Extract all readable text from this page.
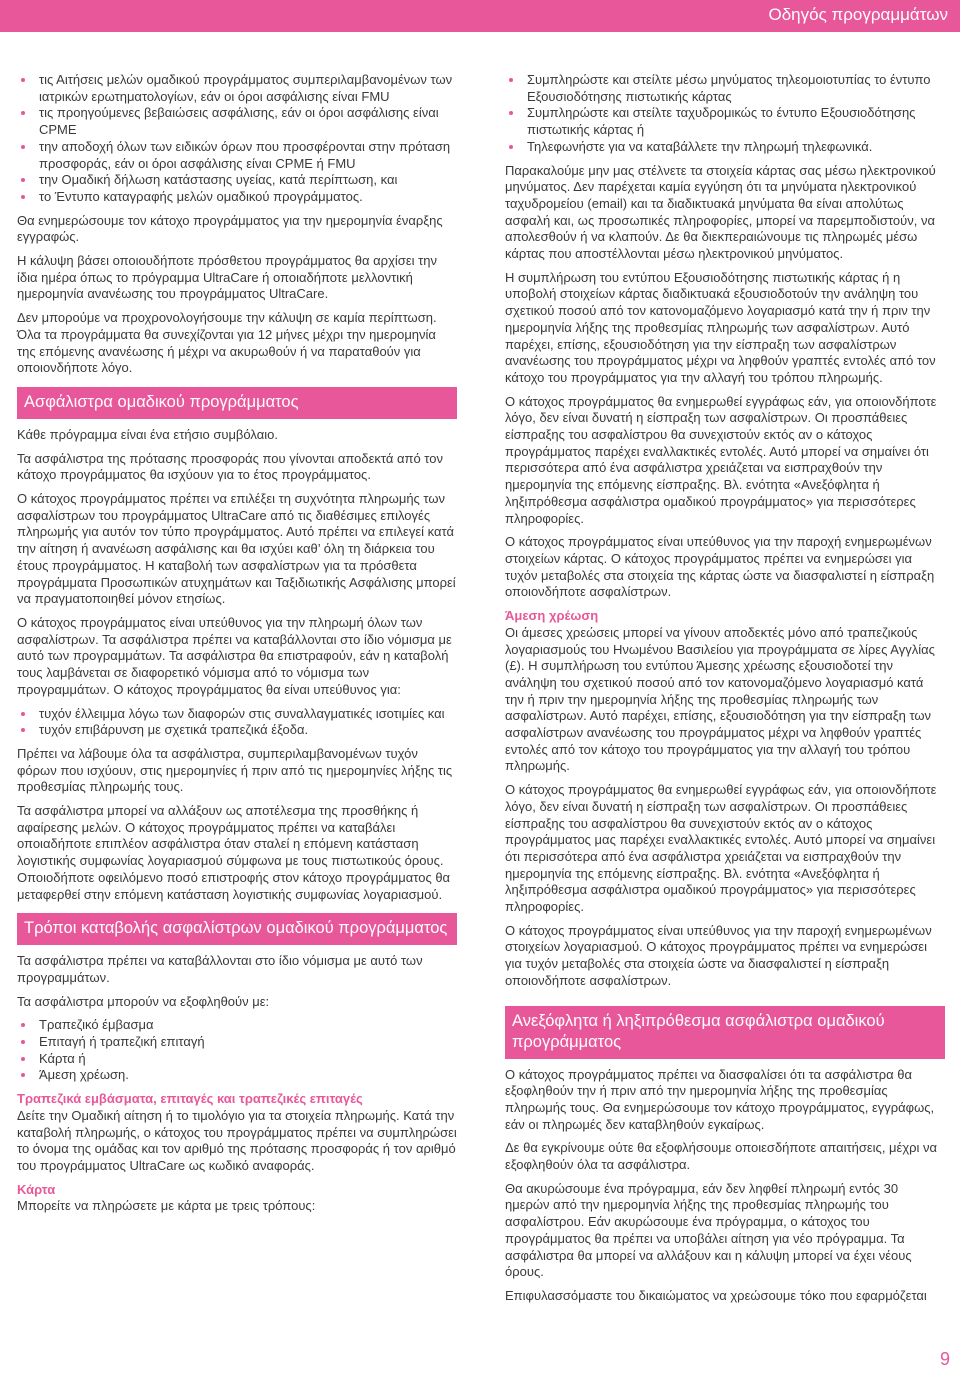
Οδηγός προγραμμάτων
τις Αιτήσεις μελών ομαδικού προγράμματος συμπεριλαμβανομένων των ιατρικών ερωτηματολογίων, εάν οι όροι ασφάλισης είναι FMU
τις προηγούμενες βεβαιώσεις ασφάλισης, εάν οι όροι ασφάλισης είναι CPME
την αποδοχή όλων των ειδικών όρων που προσφέρονται στην πρόταση προσφοράς, εάν οι όροι ασφάλισης είναι CPME ή FMU
την Ομαδική δήλωση κατάστασης υγείας, κατά περίπτωση, και
το Έντυπο καταγραφής μελών ομαδικού προγράμματος.

Θα ενημερώσουμε τον κάτοχο προγράμματος για την ημερομηνία έναρξης εγγραφώς.

Η κάλυψη βάσει οποιουδήποτε πρόσθετου προγράμματος θα αρχίσει την ίδια ημέρα όπως το πρόγραμμα UltraCare ή οποιαδήποτε μελλοντική ημερομηνία ανανέωσης του προγράμματος UltraCare.

Δεν μπορούμε να προχρονολογήσουμε την κάλυψη σε καμία περίπτωση.

Όλα τα προγράμματα θα συνεχίζονται για 12 μήνες μέχρι την ημερομηνία της επόμενης ανανέωσης ή μέχρι να ακυρωθούν ή να παραταθούν για οποιονδήποτε λόγο.

Ασφάλιστρα ομαδικού προγράμματος

Κάθε πρόγραμμα είναι ένα ετήσιο συμβόλαιο.

Τα ασφάλιστρα της πρότασης προσφοράς που γίνονται αποδεκτά από τον κάτοχο προγράμματος θα ισχύουν για το έτος προγράμματος.

Ο κάτοχος προγράμματος πρέπει να επιλέξει τη συχνότητα πληρωμής των ασφαλίστρων του προγράμματος UltraCare από τις διαθέσιμες επιλογές πληρωμής για αυτόν τον τύπο προγράμματος. Αυτό πρέπει να επιλεγεί κατά την αίτηση ή ανανέωση ασφάλισης και θα ισχύει καθ’ όλη τη διάρκεια του έτους προγράμματος. Η καταβολή των ασφαλίστρων για τα πρόσθετα προγράμματα Προσωπικών ατυχημάτων και Ταξιδιωτικής Ασφάλισης μπορεί να πραγματοποιηθεί μόνον ετησίως.

Ο κάτοχος προγράμματος είναι υπεύθυνος για την πληρωμή όλων των ασφαλίστρων. Τα ασφάλιστρα πρέπει να καταβάλλονται στο ίδιο νόμισμα με αυτό των προγραμμάτων. Τα ασφάλιστρα θα επιστραφούν, εάν η καταβολή τους λαμβάνεται σε διαφορετικό νόμισμα από το νόμισμα των προγραμμάτων. Ο κάτοχος προγράμματος θα είναι υπεύθυνος για:

τυχόν έλλειμμα λόγω των διαφορών στις συναλλαγματικές ισοτιμίες και
τυχόν επιβάρυνση με σχετικά τραπεζικά έξοδα.

Πρέπει να λάβουμε όλα τα ασφάλιστρα, συμπεριλαμβανομένων τυχόν φόρων που ισχύουν, στις ημερομηνίες ή πριν από τις ημερομηνίες λήξης τις προθεσμίας πληρωμής τους.

Τα ασφάλιστρα μπορεί να αλλάξουν ως αποτέλεσμα της προσθήκης ή αφαίρεσης μελών. Ο κάτοχος προγράμματος πρέπει να καταβάλει οποιαδήποτε επιπλέον ασφάλιστρα όταν σταλεί η επόμενη κατάσταση λογιστικής συμφωνίας λογαριασμού σύμφωνα με τους πιστωτικούς όρους. Οποιοδήποτε οφειλόμενο ποσό επιστροφής στον κάτοχο προγράμματος θα μεταφερθεί στην επόμενη κατάσταση λογιστικής συμφωνίας λογαριασμού.

Τρόποι καταβολής ασφαλίστρων ομαδικού προγράμματος

Τα ασφάλιστρα πρέπει να καταβάλλονται στο ίδιο νόμισμα με αυτό των προγραμμάτων.

Τα ασφάλιστρα μπορούν να εξοφληθούν με:

Τραπεζικό έμβασμα
Επιταγή ή τραπεζική επιταγή
Κάρτα ή
Άμεση χρέωση.
Τραπεζικά εμβάσματα, επιταγές και τραπεζικές επιταγές

Δείτε την Ομαδική αίτηση ή το τιμολόγιο για τα στοιχεία πληρωμής. Κατά την καταβολή πληρωμής, ο κάτοχος του προγράμματος πρέπει να συμπληρώσει το όνομα της ομάδας και τον αριθμό της πρότασης προσφοράς ή τον αριθμό του προγράμματος UltraCare ως κωδικό αναφοράς.

Κάρτα

Μπορείτε να πληρώσετε με κάρτα με τρεις τρόπους:

Συμπληρώστε και στείλτε μέσω μηνύματος τηλεομοιοτυπίας το έντυπο Εξουσιοδότησης πιστωτικής κάρτας
Συμπληρώστε και στείλτε ταχυδρομικώς το έντυπο Εξουσιοδότησης πιστωτικής κάρτας ή
Τηλεφωνήστε για να καταβάλλετε την πληρωμή τηλεφωνικά.

Παρακαλούμε μην μας στέλνετε τα στοιχεία κάρτας σας μέσω ηλεκτρονικού μηνύματος. Δεν παρέχεται καμία εγγύηση ότι τα μηνύματα ηλεκτρονικού ταχυδρομείου (email) και τα διαδικτυακά μηνύματα θα είναι απολύτως ασφαλή και, ως προσωπικές πληροφορίες, μπορεί να παρεμποδιστούν, να απολεσθούν ή να κλαπούν. Δε θα διεκπεραιώνουμε τις πληρωμές μέσω κάρτας που αποστέλλονται μέσω ηλεκτρονικού μηνύματος.

Η συμπλήρωση του εντύπου Εξουσιοδότησης πιστωτικής κάρτας ή η υποβολή στοιχείων κάρτας διαδικτυακά εξουσιοδοτούν την ανάληψη του σχετικού ποσού από τον κατονομαζόμενο λογαριασμό κατά την ή πριν την ημερομηνία λήξης της προθεσμίας πληρωμής των ασφαλίστρων. Αυτό παρέχει, επίσης, εξουσιοδότηση για την είσπραξη των ασφαλίστρων ανανέωσης του προγράμματος μέχρι να ληφθούν γραπτές εντολές από τον κάτοχο του προγράμματος για την αλλαγή του τρόπου πληρωμής.

Ο κάτοχος προγράμματος θα ενημερωθεί εγγράφως εάν, για οποιονδήποτε λόγο, δεν είναι δυνατή η είσπραξη των ασφαλίστρων. Οι προσπάθειες είσπραξης του ασφαλίστρου θα συνεχιστούν εκτός αν ο κάτοχος προγράμματος παρέχει εναλλακτικές εντολές. Αυτό μπορεί να σημαίνει ότι περισσότερα από ένα ασφάλιστρα χρειάζεται να εισπραχθούν την ημερομηνία της επόμενης είσπραξης. Βλ. ενότητα «Ανεξόφλητα ή ληξιπρόθεσμα ασφάλιστρα ομαδικού προγράμματος» για περισσότερες πληροφορίες.

Ο κάτοχος προγράμματος είναι υπεύθυνος για την παροχή ενημερωμένων στοιχείων κάρτας. Ο κάτοχος προγράμματος πρέπει να ενημερώσει για τυχόν μεταβολές στα στοιχεία της κάρτας ώστε να διασφαλιστεί η είσπραξη οποιονδήποτε ασφαλίστρων.

Άμεση χρέωση

Οι άμεσες χρεώσεις μπορεί να γίνουν αποδεκτές μόνο από τραπεζικούς λογαριασμούς του Ηνωμένου Βασιλείου για προγράμματα σε λίρες Αγγλίας (£). Η συμπλήρωση του εντύπου Άμεσης χρέωσης εξουσιοδοτεί την ανάληψη του σχετικού ποσού από τον κατονομαζόμενο λογαριασμό κατά την ή πριν την ημερομηνία λήξης της προθεσμίας πληρωμής των ασφαλίστρων. Αυτό παρέχει, επίσης, εξουσιοδότηση για την είσπραξη των ασφαλίστρων ανανέωσης του προγράμματος μέχρι να ληφθούν γραπτές εντολές από τον κάτοχο του προγράμματος για την αλλαγή του τρόπου πληρωμής.

Ο κάτοχος προγράμματος θα ενημερωθεί εγγράφως εάν, για οποιονδήποτε λόγο, δεν είναι δυνατή η είσπραξη των ασφαλίστρων. Οι προσπάθειες είσπραξης του ασφαλίστρου θα συνεχιστούν εκτός αν ο κάτοχος προγράμματος μας παρέχει εναλλακτικές εντολές. Αυτό μπορεί να σημαίνει ότι περισσότερα από ένα ασφάλιστρα χρειάζεται να εισπραχθούν την ημερομηνία της επόμενης είσπραξης. Βλ. ενότητα «Ανεξόφλητα ή ληξιπρόθεσμα ασφάλιστρα ομαδικού προγράμματος» για περισσότερες πληροφορίες.

Ο κάτοχος προγράμματος είναι υπεύθυνος για την παροχή ενημερωμένων στοιχείων λογαριασμού. Ο κάτοχος προγράμματος πρέπει να ενημερώσει για τυχόν μεταβολές στα στοιχεία ώστε να διασφαλιστεί η είσπραξη οποιονδήποτε ασφαλίστρων.

Ανεξόφλητα ή ληξιπρόθεσμα ασφάλιστρα ομαδικού προγράμματος

Ο κάτοχος προγράμματος πρέπει να διασφαλίσει ότι τα ασφάλιστρα θα εξοφληθούν την ή πριν από την ημερομηνία λήξης της προθεσμίας πληρωμής τους. Θα ενημερώσουμε τον κάτοχο προγράμματος, εγγράφως, εάν οι πληρωμές δεν καταβληθούν εγκαίρως.

Δε θα εγκρίνουμε ούτε θα εξοφλήσουμε οποιεσδήποτε απαιτήσεις, μέχρι να εξοφληθούν όλα τα ασφάλιστρα.

Θα ακυρώσουμε ένα πρόγραμμα, εάν δεν ληφθεί πληρωμή εντός 30 ημερών από την ημερομηνία λήξης της προθεσμίας πληρωμής του ασφαλίστρου. Εάν ακυρώσουμε ένα πρόγραμμα, ο κάτοχος του προγράμματος θα πρέπει να υποβάλει αίτηση για νέο πρόγραμμα. Τα ασφάλιστρα θα μπορεί να αλλάξουν και η κάλυψη μπορεί να έχει νέους όρους.

Επιφυλασσόμαστε του δικαιώματος να χρεώσουμε τόκο που εφαρμόζεται

9
